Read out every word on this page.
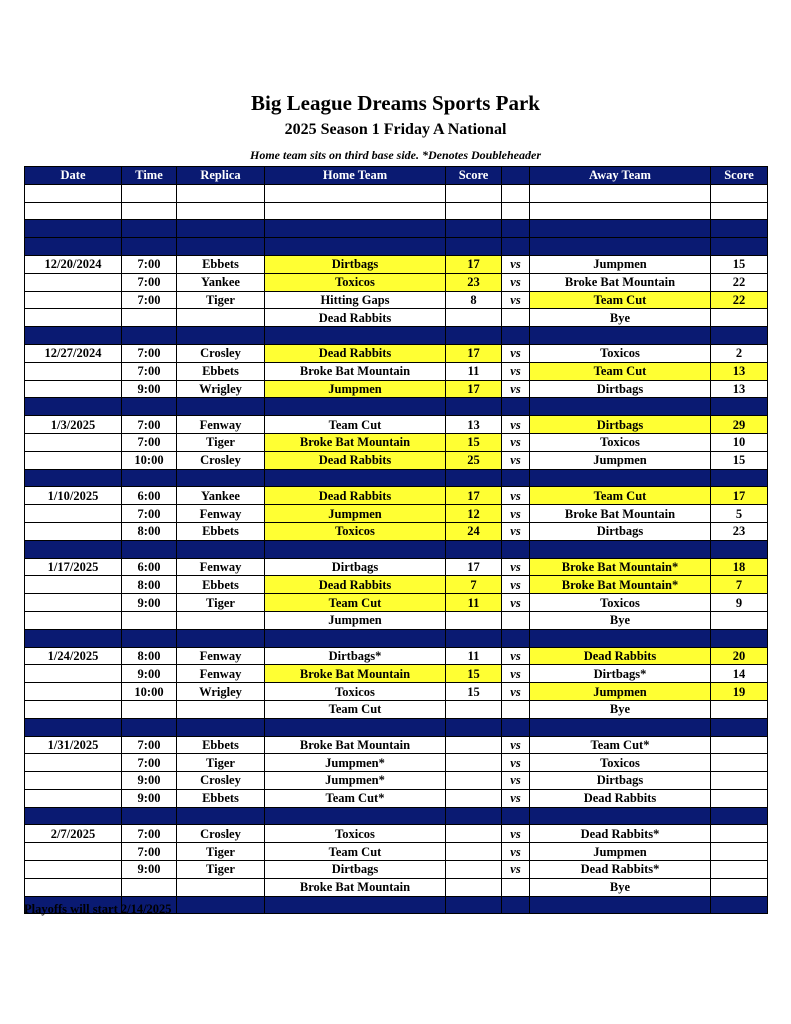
Big League Dreams Sports Park
2025 Season 1 Friday A National
Home team sits on third base side. *Denotes Doubleheader
Date	Time	Replica	Home Team	Score		Away Team	Score

12/20/2024	7:00	Ebbets	Dirtbags	17	vs	Jumpmen	15
	7:00	Yankee	Toxicos	23	vs	Broke Bat Mountain	22
	7:00	Tiger	Hitting Gaps	8	vs	Team Cut	22
			Dead Rabbits			Bye	

12/27/2024	7:00	Crosley	Dead Rabbits	17	vs	Toxicos	2
	7:00	Ebbets	Broke Bat Mountain	11	vs	Team Cut	13
	9:00	Wrigley	Jumpmen	17	vs	Dirtbags	13

1/3/2025	7:00	Fenway	Team Cut	13	vs	Dirtbags	29
	7:00	Tiger	Broke Bat Mountain	15	vs	Toxicos	10
	10:00	Crosley	Dead Rabbits	25	vs	Jumpmen	15

1/10/2025	6:00	Yankee	Dead Rabbits	17	vs	Team Cut	17
	7:00	Fenway	Jumpmen	12	vs	Broke Bat Mountain	5
	8:00	Ebbets	Toxicos	24	vs	Dirtbags	23

1/17/2025	6:00	Fenway	Dirtbags	17	vs	Broke Bat Mountain*	18
	8:00	Ebbets	Dead Rabbits	7	vs	Broke Bat Mountain*	7
	9:00	Tiger	Team Cut	11	vs	Toxicos	9
			Jumpmen			Bye	

1/24/2025	8:00	Fenway	Dirtbags*	11	vs	Dead Rabbits	20
	9:00	Fenway	Broke Bat Mountain	15	vs	Dirtbags*	14
	10:00	Wrigley	Toxicos	15	vs	Jumpmen	19
			Team Cut			Bye	

1/31/2025	7:00	Ebbets	Broke Bat Mountain		vs	Team Cut*	
	7:00	Tiger	Jumpmen*		vs	Toxicos	
	9:00	Crosley	Jumpmen*		vs	Dirtbags	
	9:00	Ebbets	Team Cut*		vs	Dead Rabbits	

2/7/2025	7:00	Crosley	Toxicos		vs	Dead Rabbits*	
	7:00	Tiger	Team Cut		vs	Jumpmen	
	9:00	Tiger	Dirtbags		vs	Dead Rabbits*	
			Broke Bat Mountain			Bye	

Playoffs will start 2/14/2025
